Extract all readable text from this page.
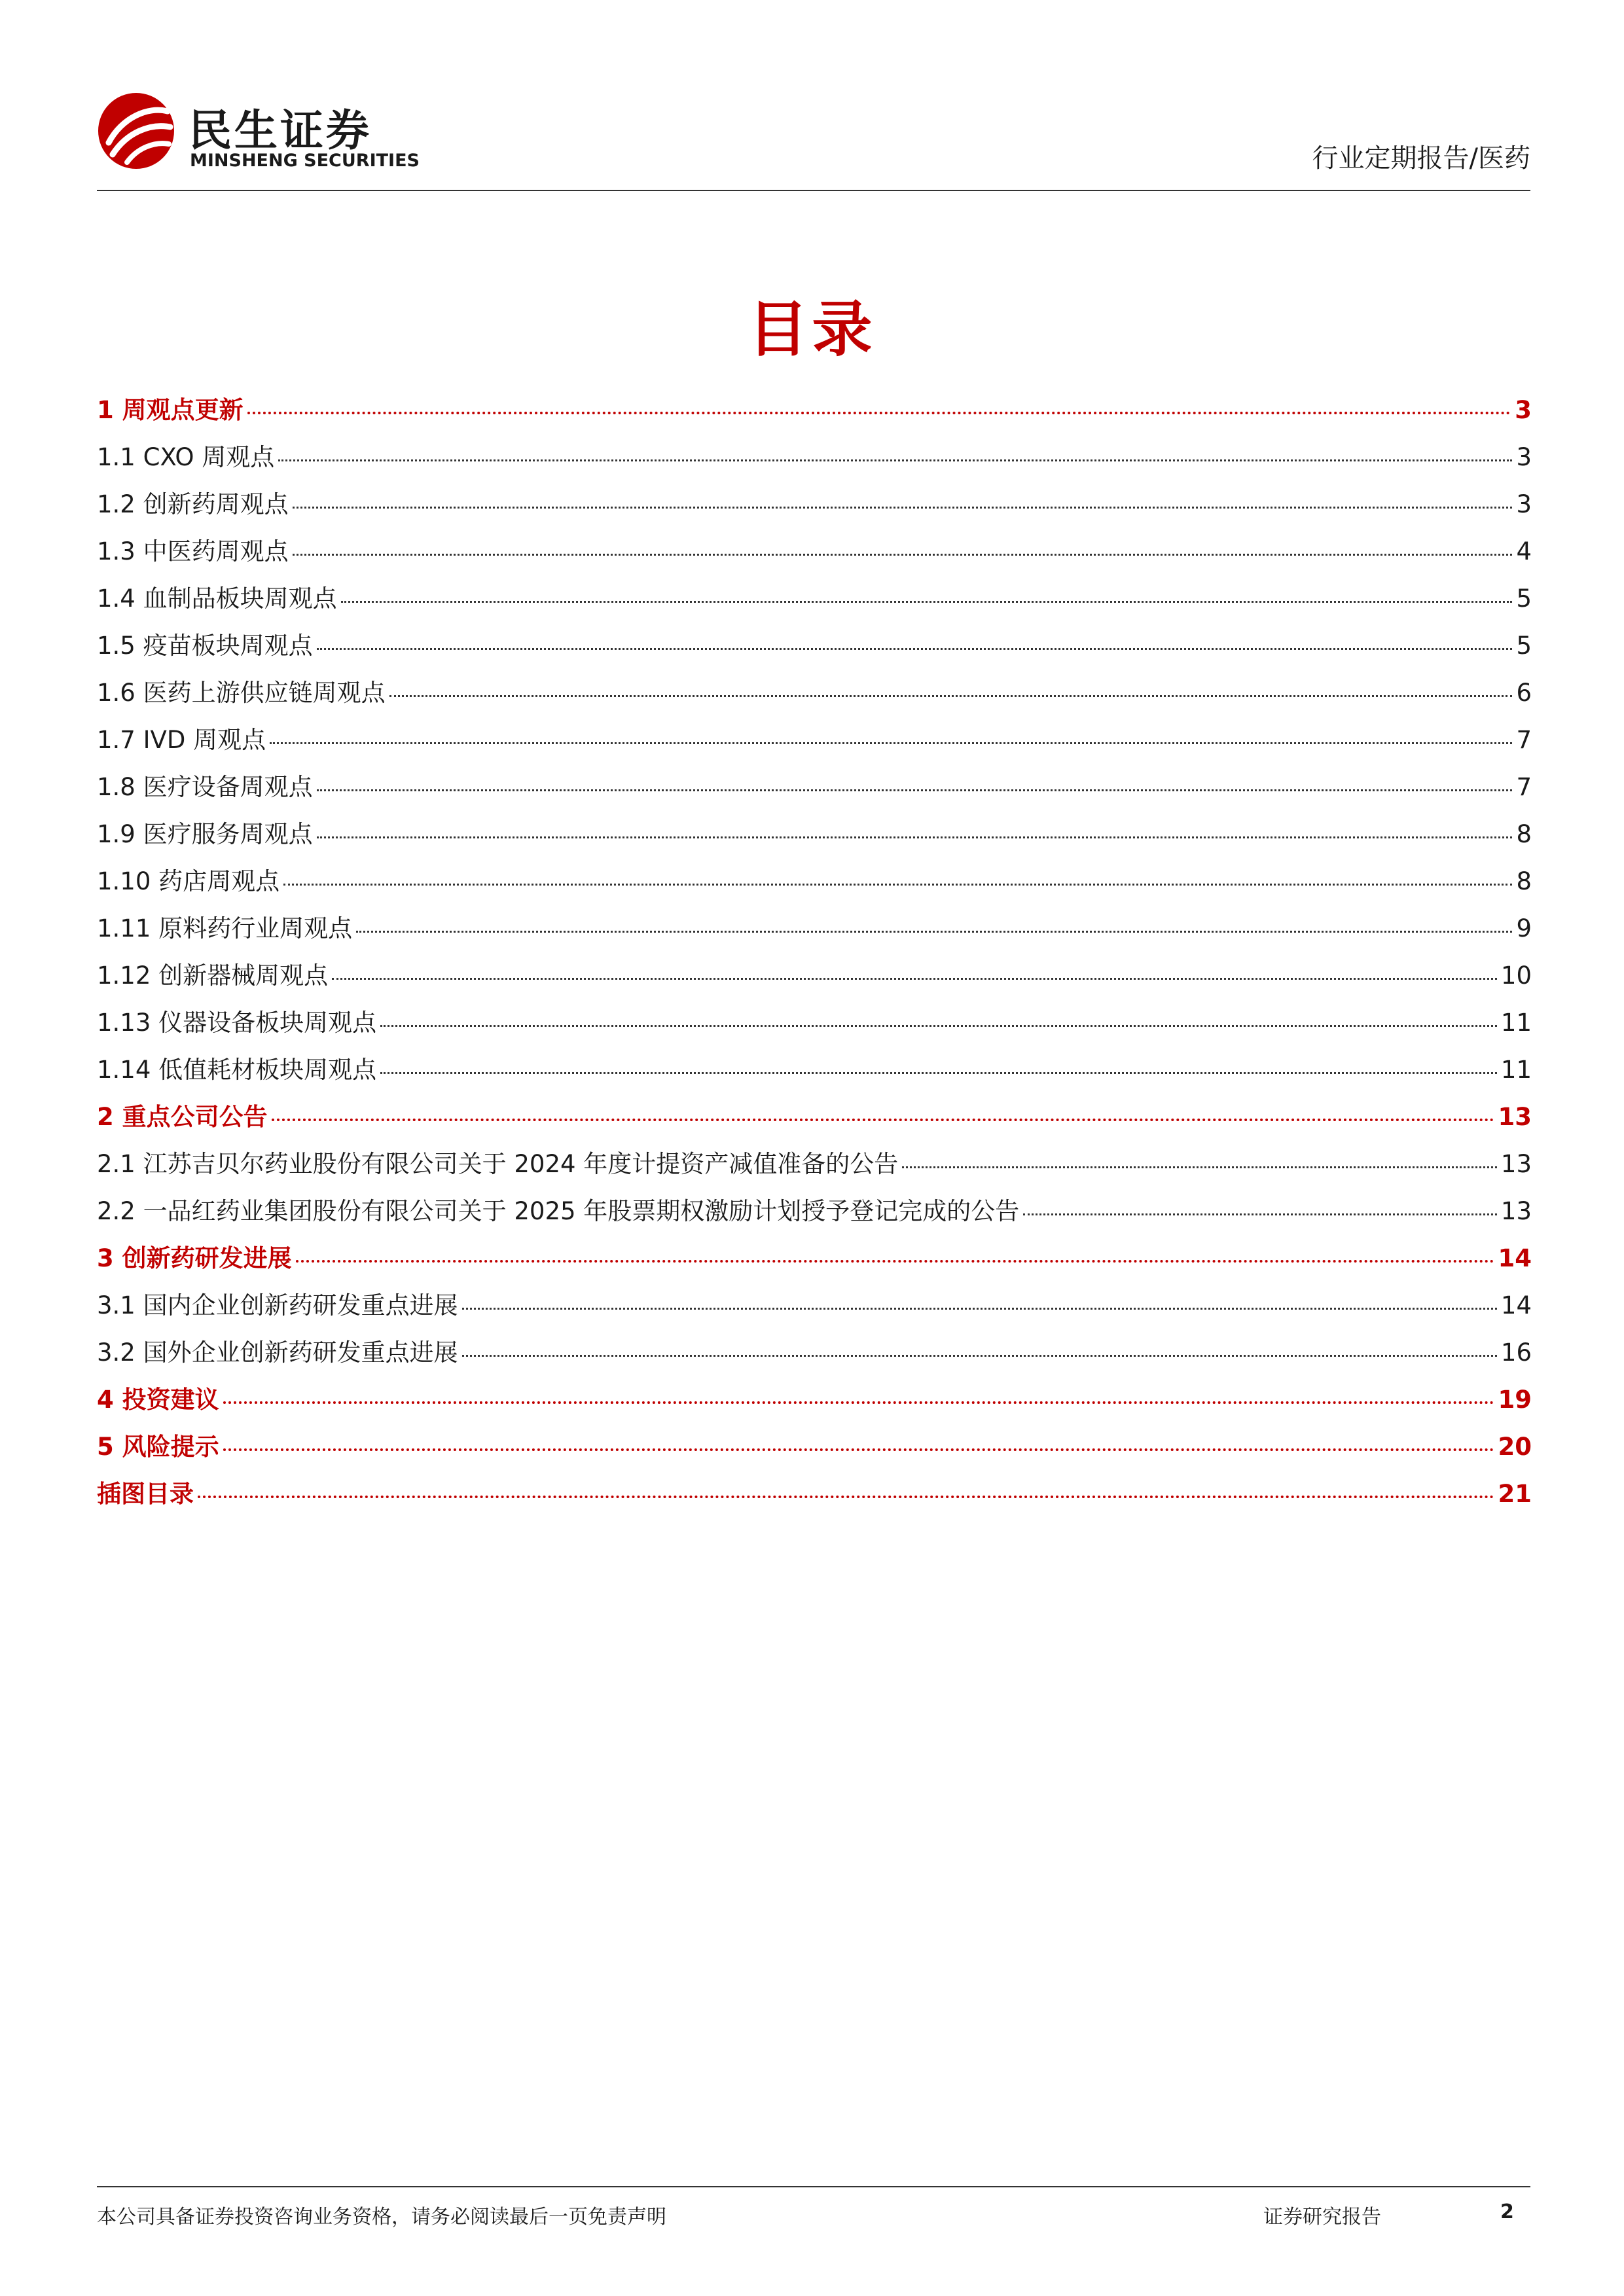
民生证券
MINSHENG SECURITIES	行业定期报告/医药
目录
1 周观点更新	3
1.1 CXO 周观点	3
1.2 创新药周观点	3
1.3 中医药周观点	4
1.4 血制品板块周观点	5
1.5 疫苗板块周观点	5
1.6 医药上游供应链周观点	6
1.7 IVD 周观点	7
1.8 医疗设备周观点	7
1.9 医疗服务周观点	8
1.10 药店周观点	8
1.11 原料药行业周观点	9
1.12 创新器械周观点	10
1.13 仪器设备板块周观点	11
1.14 低值耗材板块周观点	11
2 重点公司公告	13
2.1 江苏吉贝尔药业股份有限公司关于 2024 年度计提资产减值准备的公告	13
2.2 一品红药业集团股份有限公司关于 2025 年股票期权激励计划授予登记完成的公告	13
3 创新药研发进展	14
3.1 国内企业创新药研发重点进展	14
3.2 国外企业创新药研发重点进展	16
4 投资建议	19
5 风险提示	20
插图目录	21
本公司具备证券投资咨询业务资格，请务必阅读最后一页免责声明	证券研究报告	2
